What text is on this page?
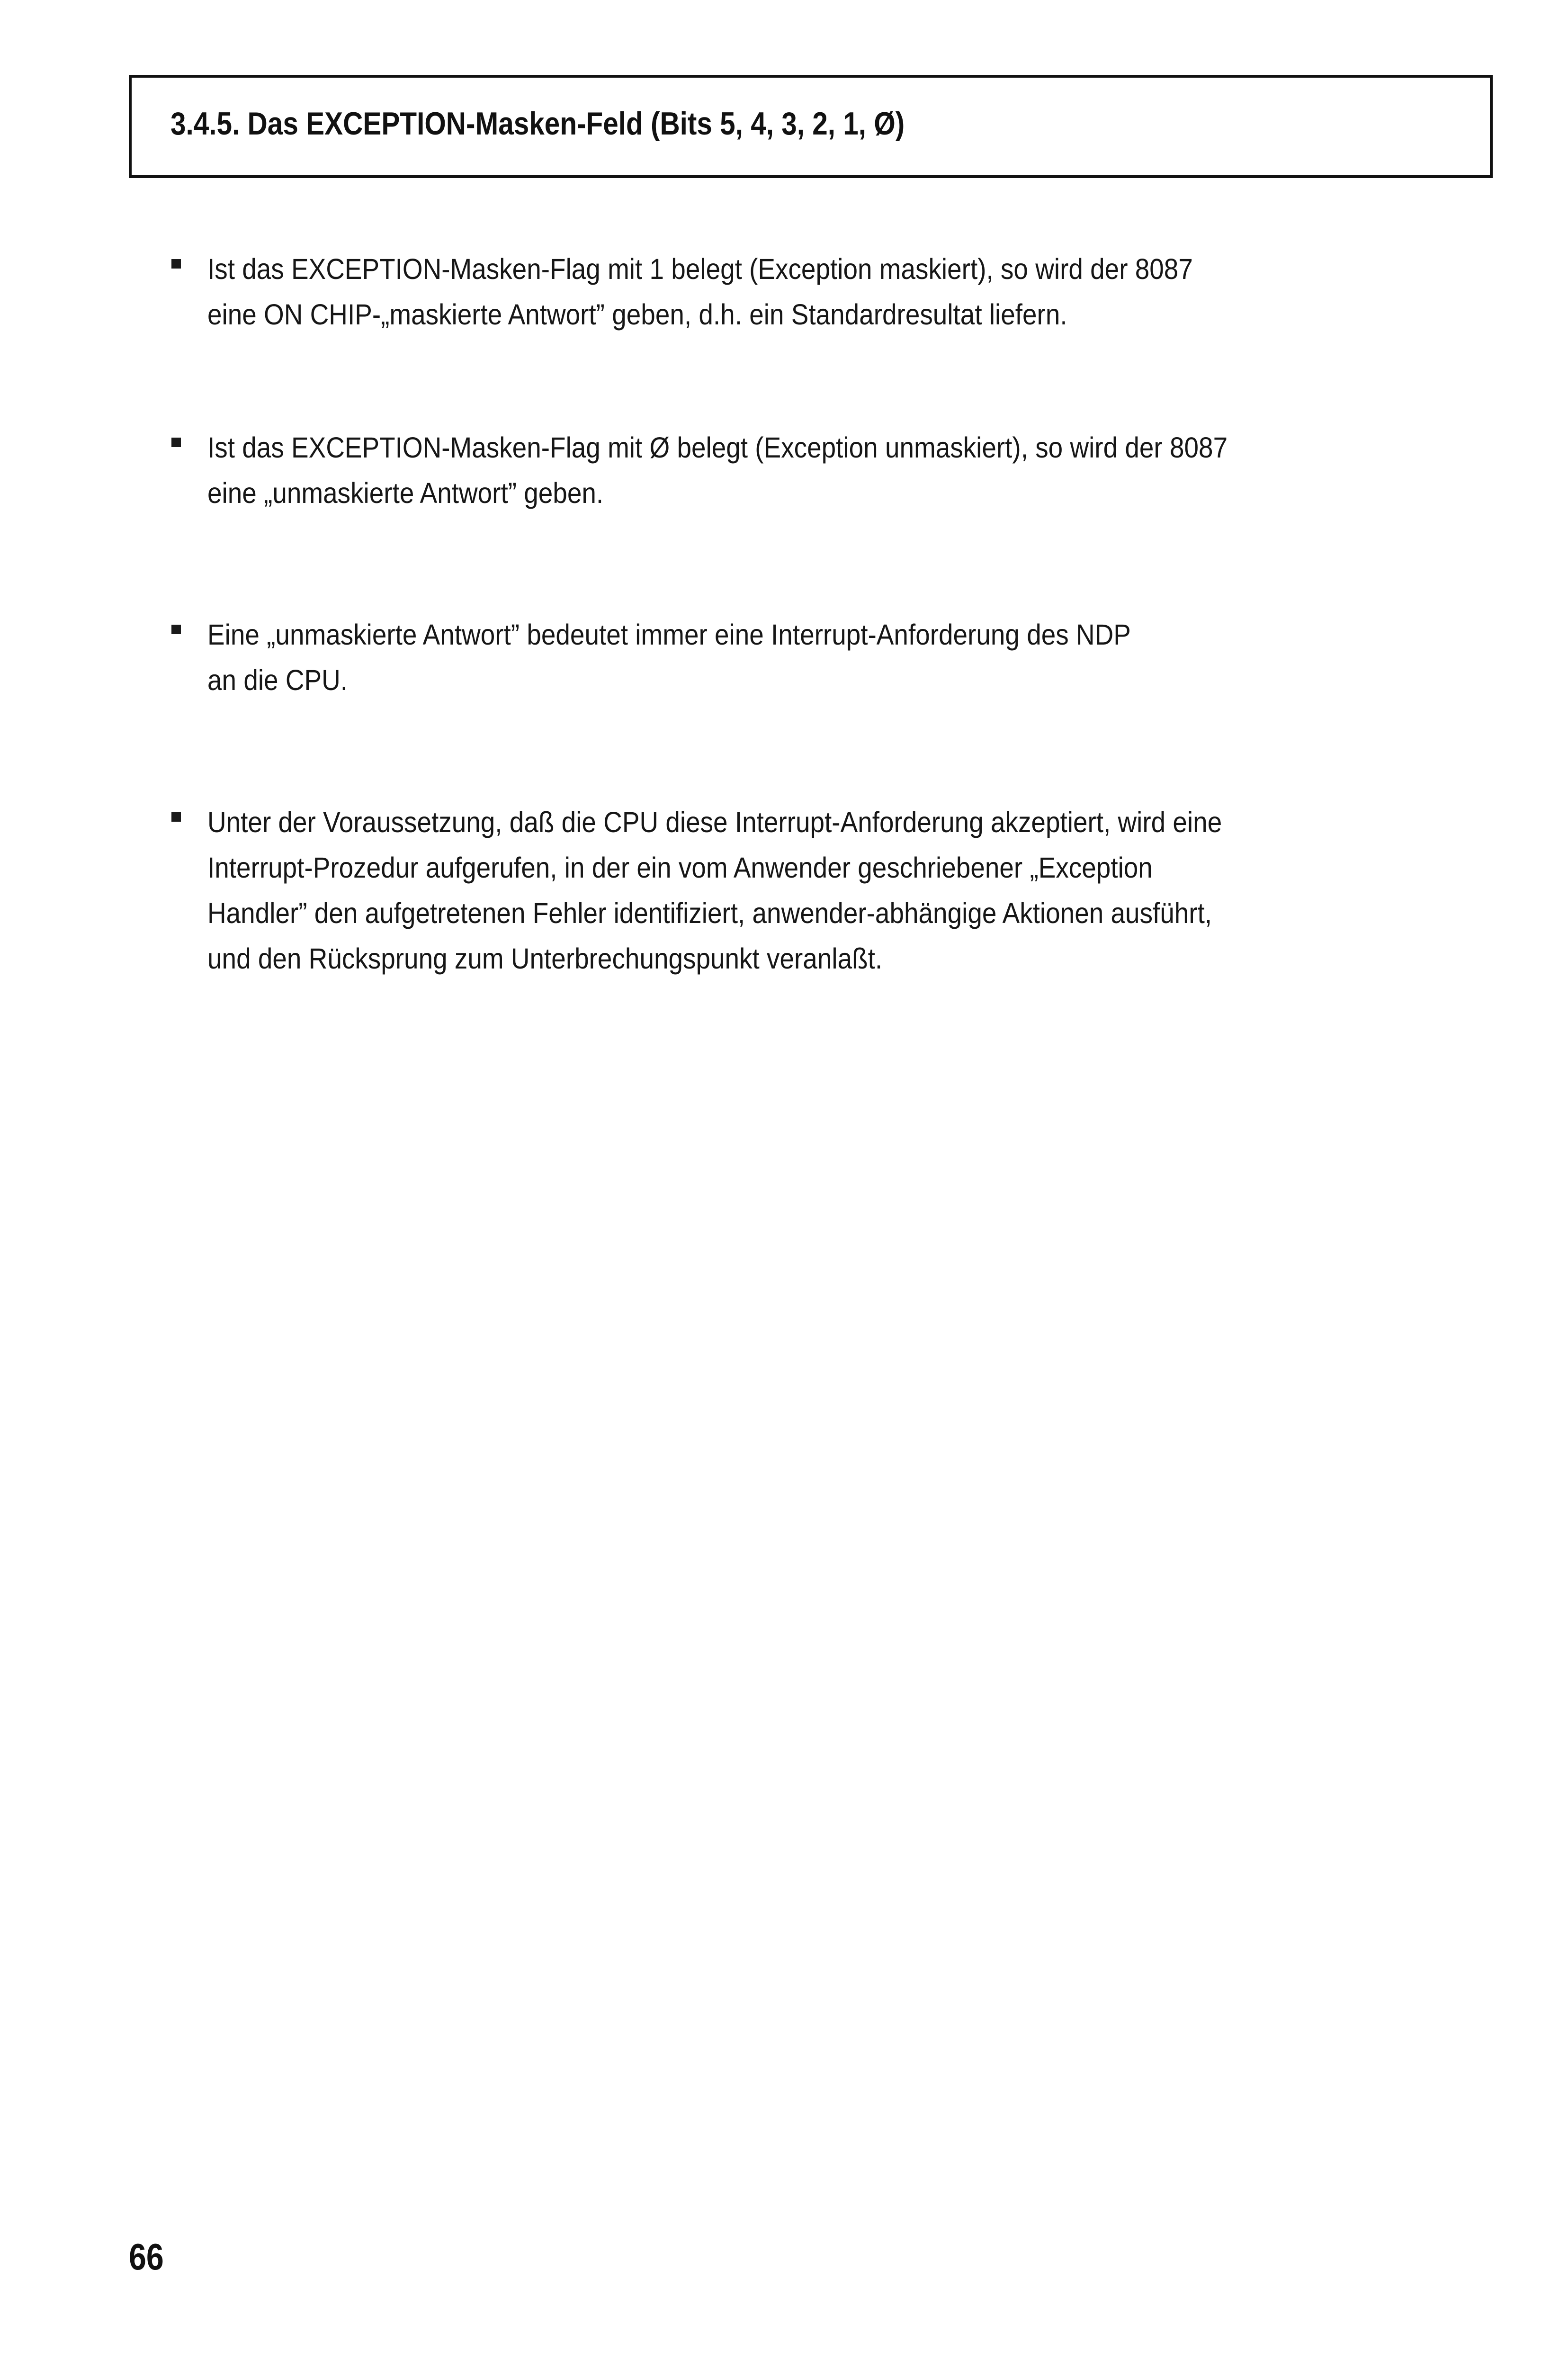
3.4.5. Das EXCEPTION-Masken-Feld (Bits 5, 4, 3, 2, 1, Ø)
Ist das EXCEPTION-Masken-Flag mit 1 belegt (Exception maskiert), so wird der 8087
eine ON CHIP-„maskierte Antwort” geben, d.h. ein Standardresultat liefern.
Ist das EXCEPTION-Masken-Flag mit Ø belegt (Exception unmaskiert), so wird der 8087
eine „unmaskierte Antwort” geben.
Eine „unmaskierte Antwort” bedeutet immer eine Interrupt-Anforderung des NDP
an die CPU.
Unter der Voraussetzung, daß die CPU diese Interrupt-Anforderung akzeptiert, wird eine
Interrupt-Prozedur aufgerufen, in der ein vom Anwender geschriebener „Exception
Handler” den aufgetretenen Fehler identifiziert, anwender-abhängige Aktionen ausführt,
und den Rücksprung zum Unterbrechungspunkt veranlaßt.
66
